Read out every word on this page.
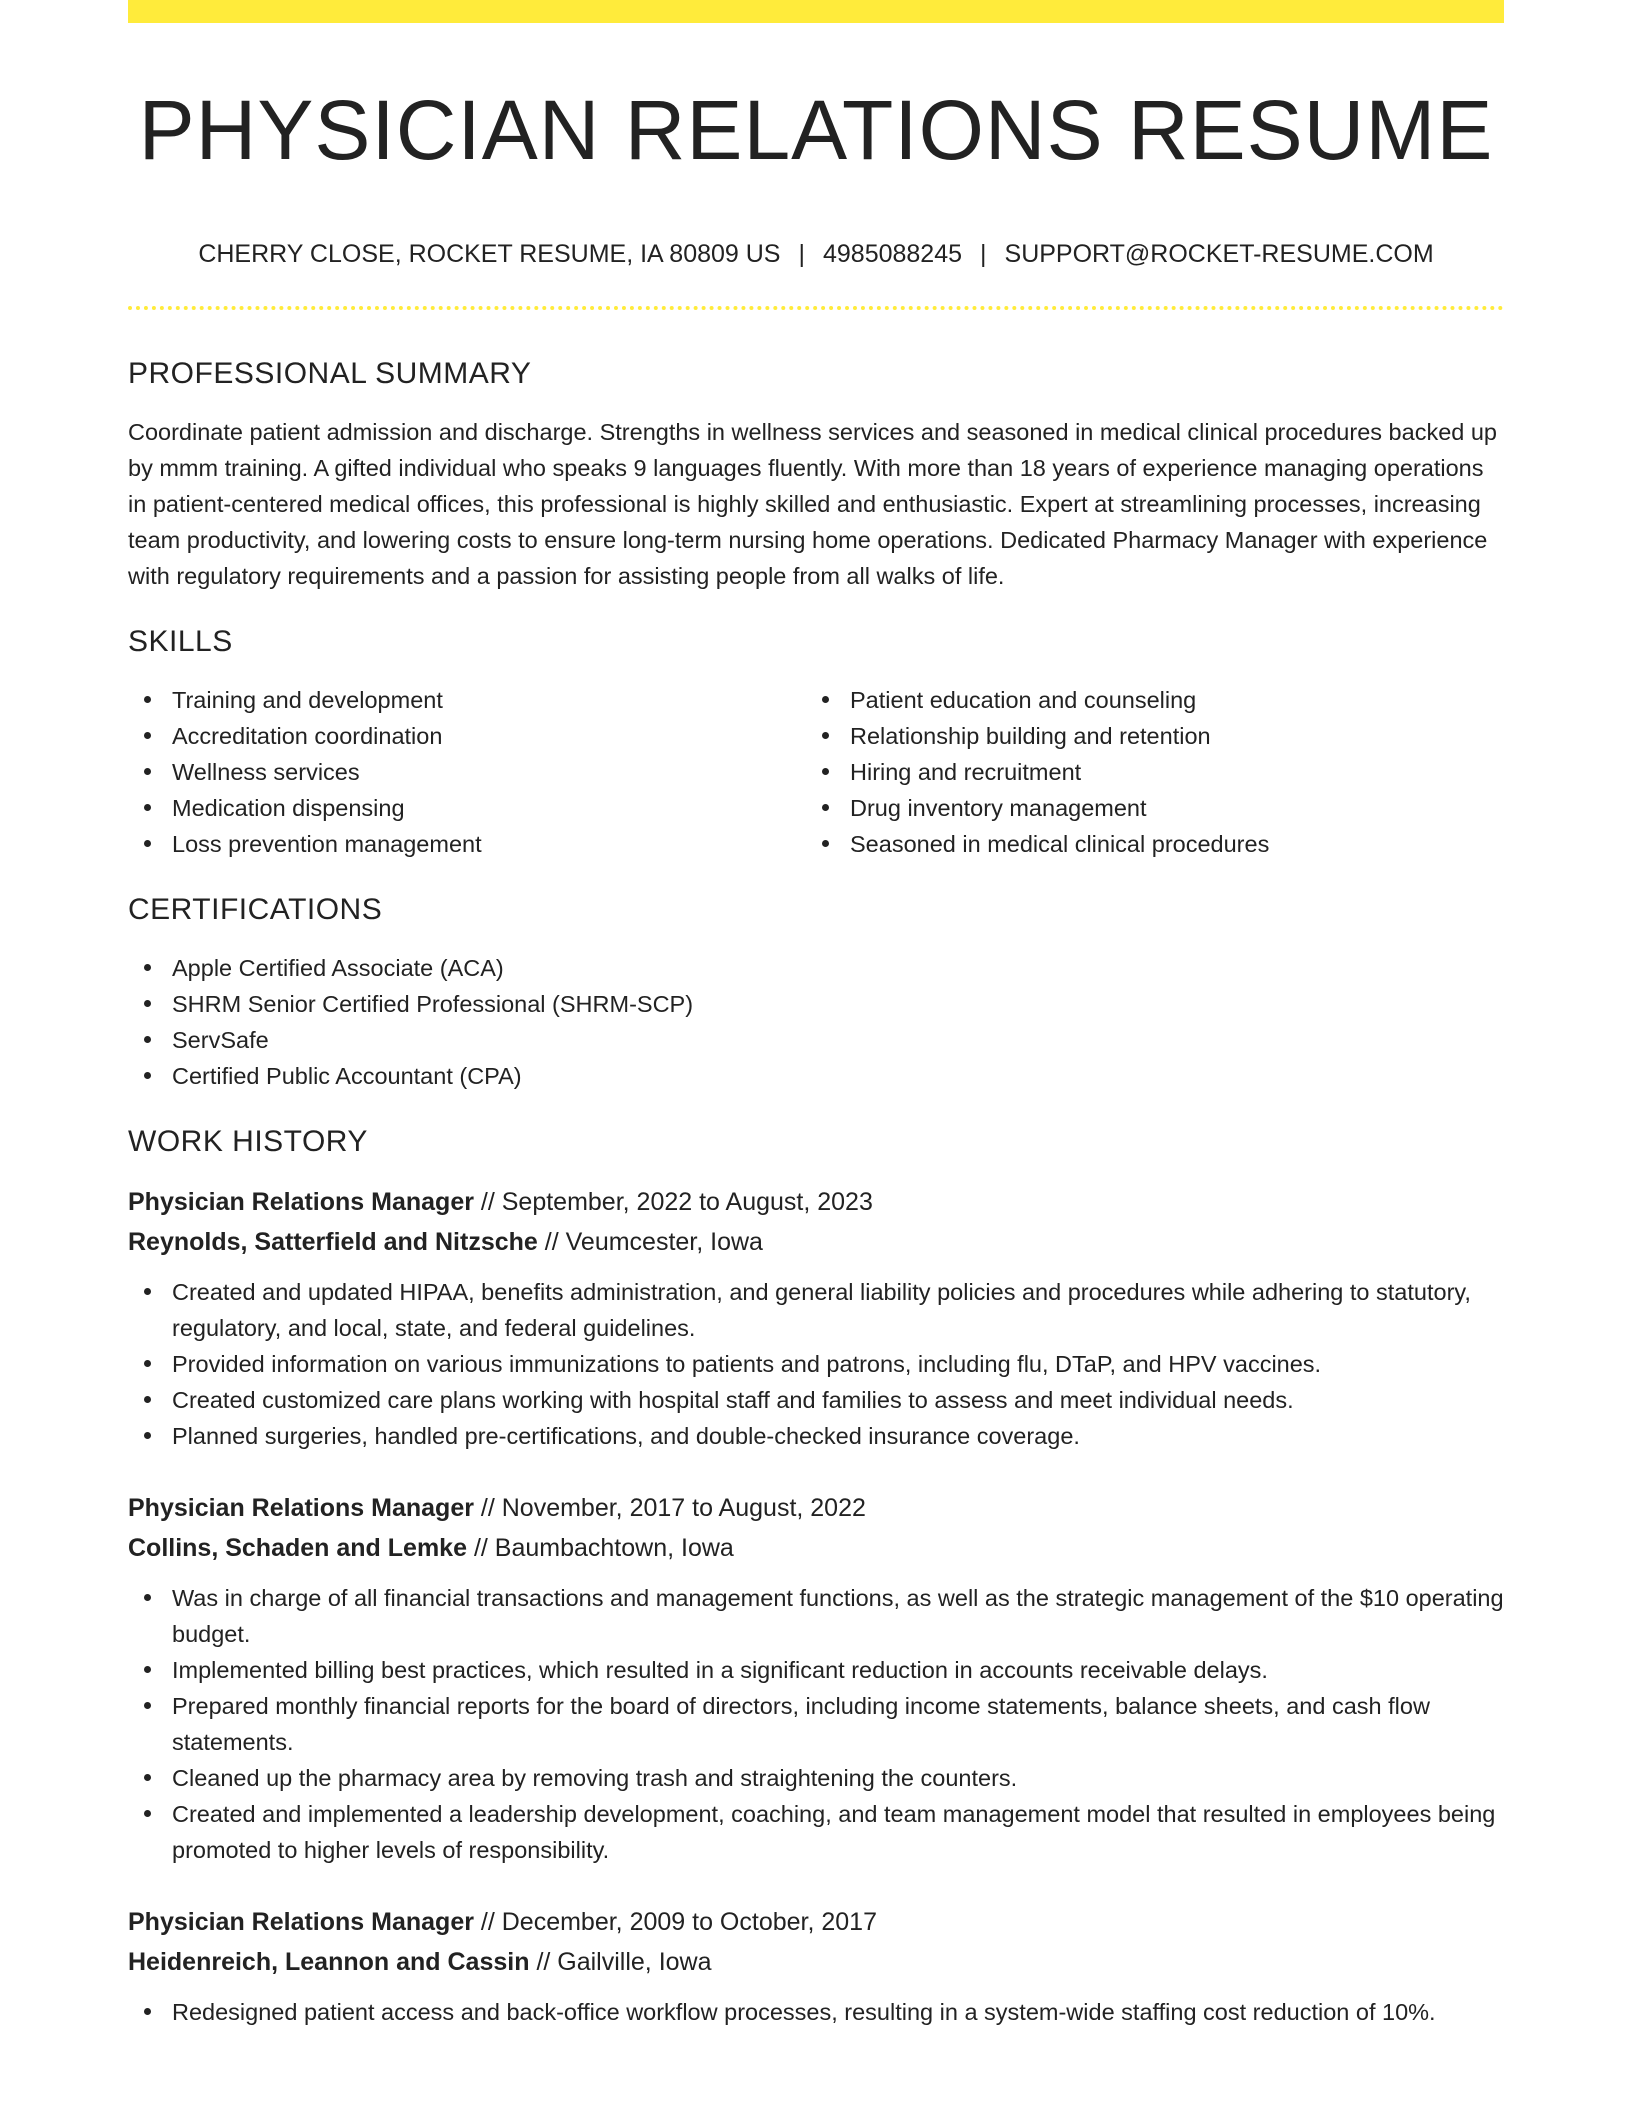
PHYSICIAN RELATIONS RESUME
CHERRY CLOSE, ROCKET RESUME, IA 80809 US | 4985088245 | SUPPORT@ROCKET-RESUME.COM
PROFESSIONAL SUMMARY

Coordinate patient admission and discharge. Strengths in wellness services and seasoned in medical clinical procedures backed up by mmm training. A gifted individual who speaks 9 languages fluently. With more than 18 years of experience managing operations in patient-centered medical offices, this professional is highly skilled and enthusiastic. Expert at streamlining processes, increasing team productivity, and lowering costs to ensure long-term nursing home operations. Dedicated Pharmacy Manager with experience with regulatory requirements and a passion for assisting people from all walks of life.

SKILLS
Training and development
Accreditation coordination
Wellness services
Medication dispensing
Loss prevention management
Patient education and counseling
Relationship building and retention
Hiring and recruitment
Drug inventory management
Seasoned in medical clinical procedures
CERTIFICATIONS
Apple Certified Associate (ACA)
SHRM Senior Certified Professional (SHRM-SCP)
ServSafe
Certified Public Accountant (CPA)
WORK HISTORY
Physician Relations Manager // September, 2022 to August, 2023
Reynolds, Satterfield and Nitzsche // Veumcester, Iowa
Created and updated HIPAA, benefits administration, and general liability policies and procedures while adhering to statutory, regulatory, and local, state, and federal guidelines.
Provided information on various immunizations to patients and patrons, including flu, DTaP, and HPV vaccines.
Created customized care plans working with hospital staff and families to assess and meet individual needs.
Planned surgeries, handled pre-certifications, and double-checked insurance coverage.
Physician Relations Manager // November, 2017 to August, 2022
Collins, Schaden and Lemke // Baumbachtown, Iowa
Was in charge of all financial transactions and management functions, as well as the strategic management of the $10 operating budget.
Implemented billing best practices, which resulted in a significant reduction in accounts receivable delays.
Prepared monthly financial reports for the board of directors, including income statements, balance sheets, and cash flow statements.
Cleaned up the pharmacy area by removing trash and straightening the counters.
Created and implemented a leadership development, coaching, and team management model that resulted in employees being promoted to higher levels of responsibility.
Physician Relations Manager // December, 2009 to October, 2017
Heidenreich, Leannon and Cassin // Gailville, Iowa
Redesigned patient access and back-office workflow processes, resulting in a system-wide staffing cost reduction of 10%.
